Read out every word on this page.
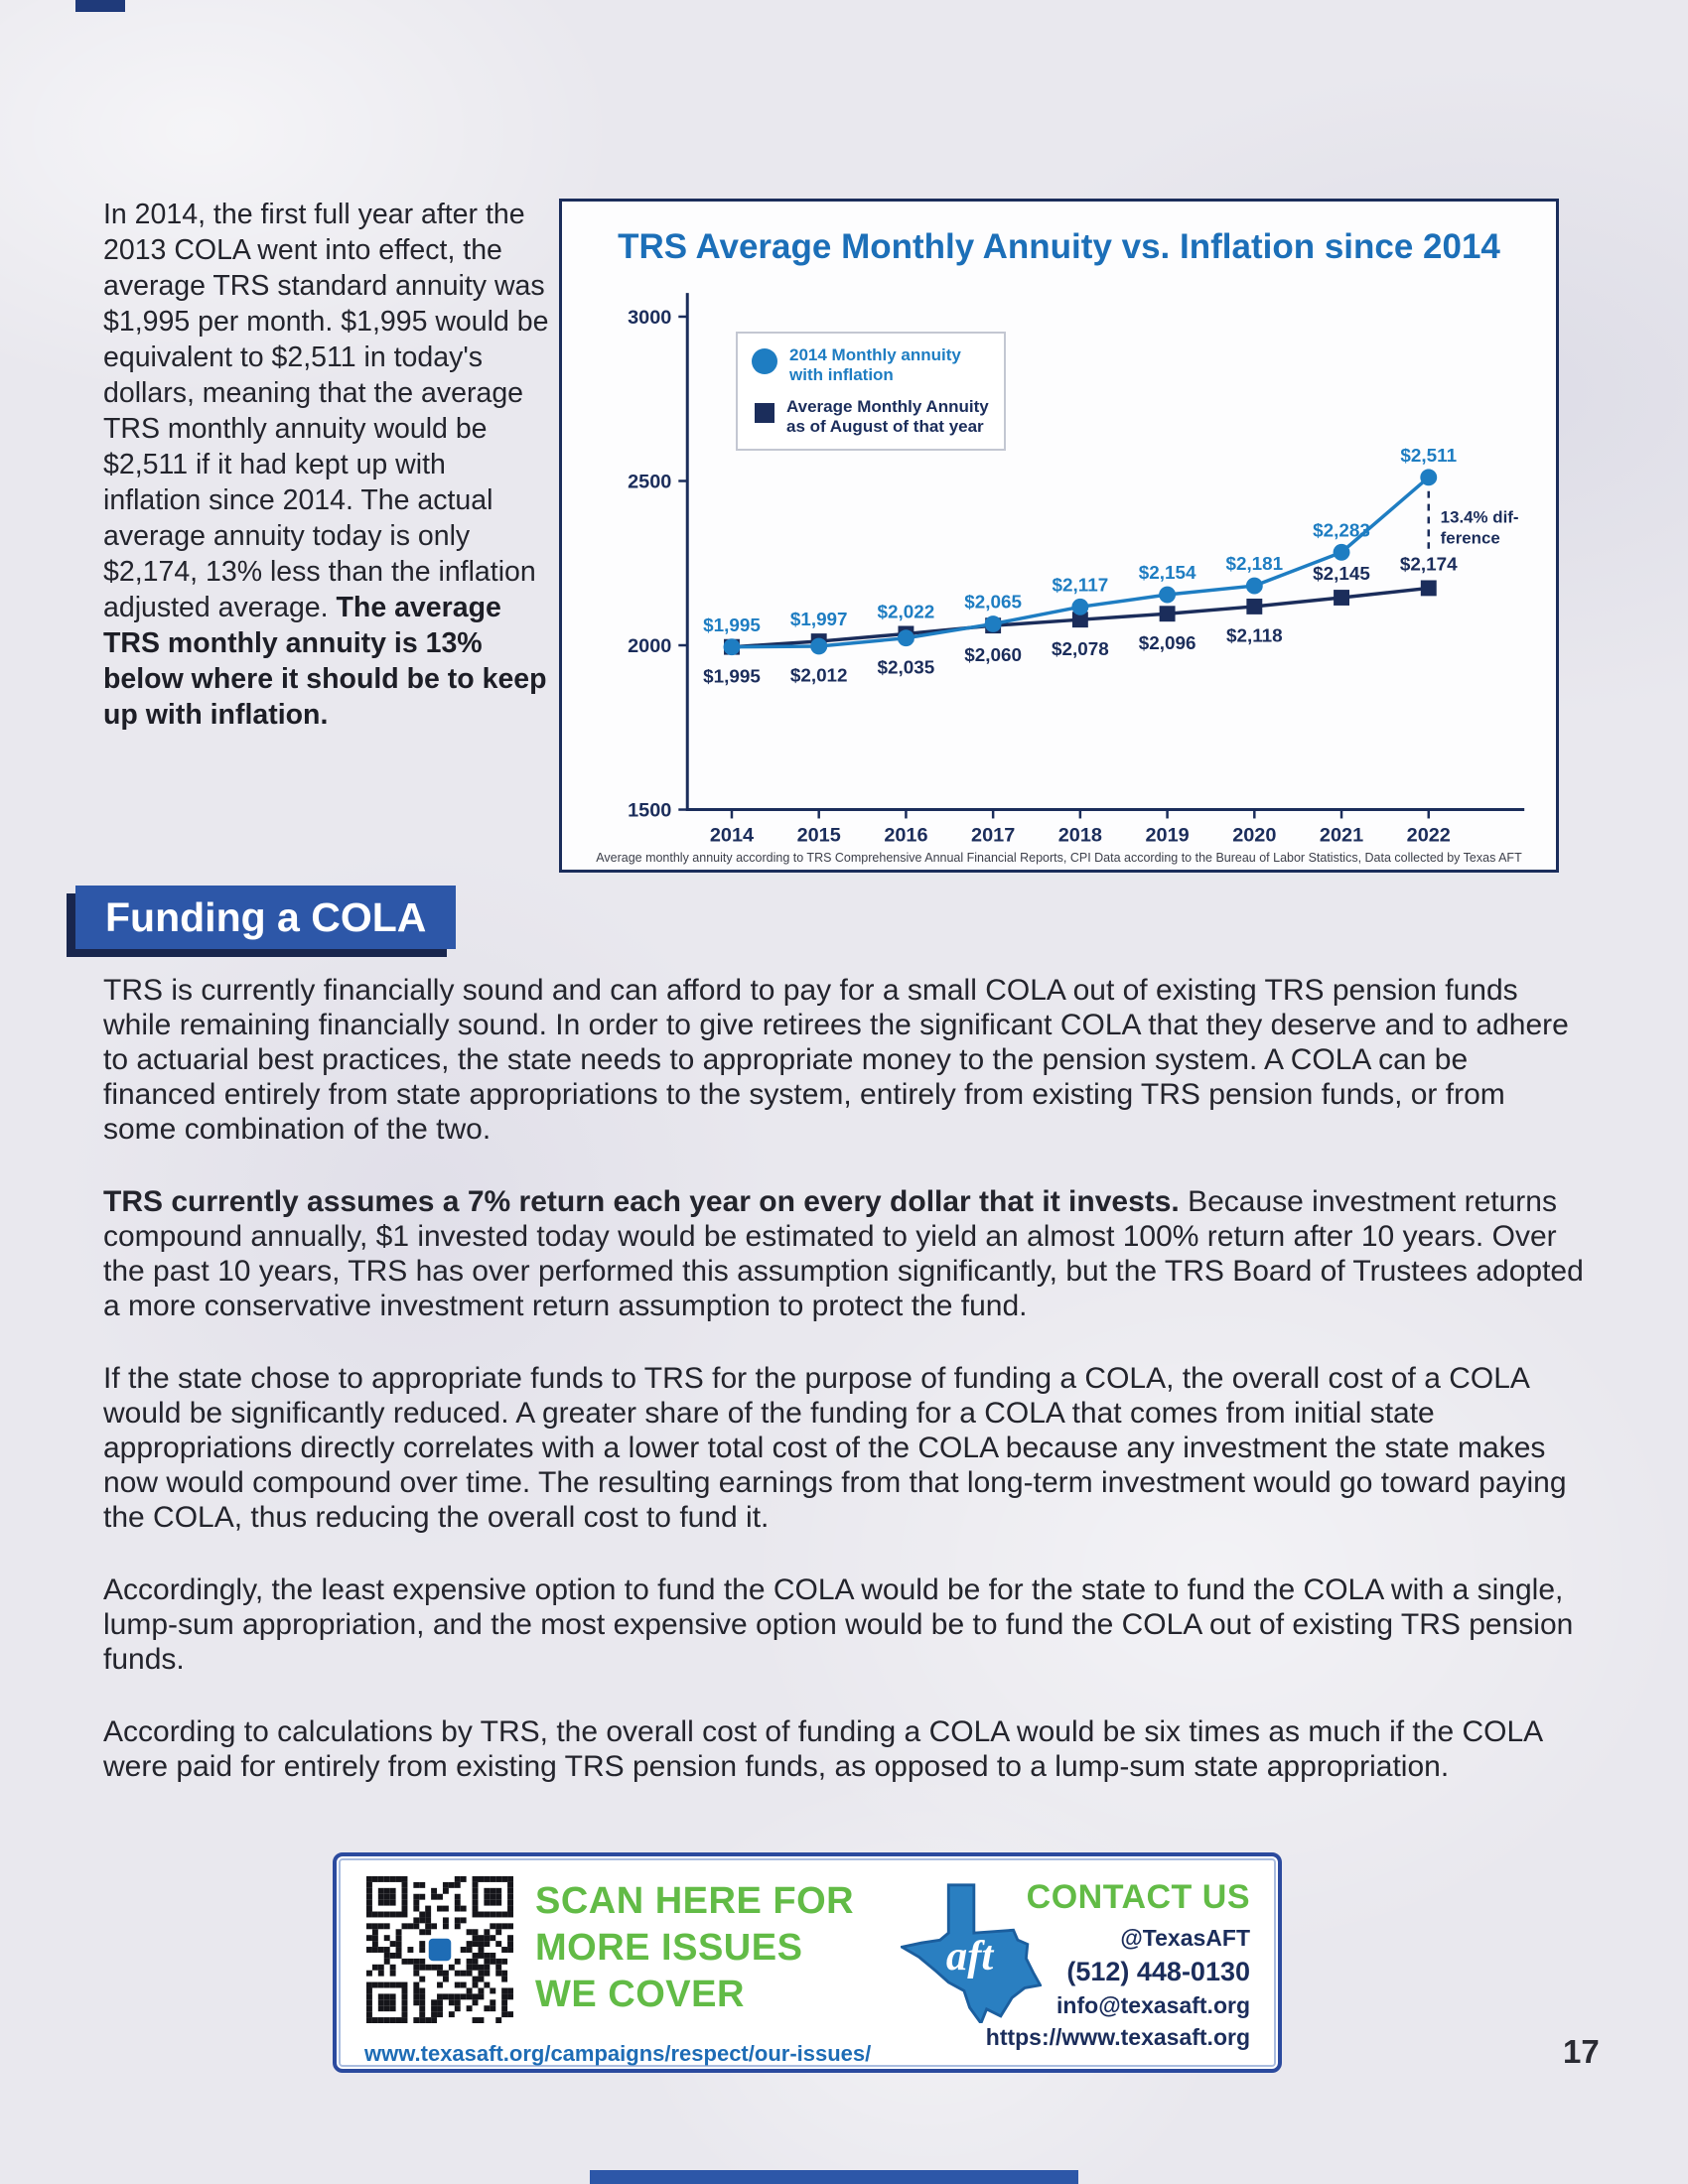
In 2014, the first full year after the 2013 COLA went into effect, the average TRS standard annuity was $1,995 per month. $1,995 would be equivalent to $2,511 in today's dollars, meaning that the average TRS monthly annuity would be $2,511 if it had kept up with inflation since 2014. The actual average annuity today is only $2,174, 13% less than the inflation adjusted average. The average TRS monthly annuity is 13% below where it should be to keep up with inflation.
TRS Average Monthly Annuity vs. Inflation since 2014
1500
2000
2500
3000
2014 2015 2016 2017 2018 2019 2020 2021 2022
13.4% dif-
ference
$1,995 $2,012 $2,035
$2,060 $2,078 $2,096 $2,118
$2,145 $2,174
$1,995 $1,997 $2,022 $2,065
$2,117
$2,154 $2,181
$2,283
$2,511
2014 Monthly annuity with inflation
Average Monthly Annuity as of August of that year
Average monthly annuity according to TRS Comprehensive Annual Financial Reports, CPI Data according to the Bureau of Labor Statistics, Data collected by Texas AFT
Funding a COLA

TRS is currently financially sound and can afford to pay for a small COLA out of existing TRS pension funds while remaining financially sound. In order to give retirees the significant COLA that they deserve and to adhere to actuarial best practices, the state needs to appropriate money to the pension system. A COLA can be financed entirely from state appropriations to the system, entirely from existing TRS pension funds, or from some combination of the two.

TRS currently assumes a 7% return each year on every dollar that it invests. Because investment returns compound annually, $1 invested today would be estimated to yield an almost 100% return after 10 years. Over the past 10 years, TRS has over performed this assumption significantly, but the TRS Board of Trustees adopted a more conservative investment return assumption to protect the fund.

If the state chose to appropriate funds to TRS for the purpose of funding a COLA, the overall cost of a COLA would be significantly reduced. A greater share of the funding for a COLA that comes from initial state appropriations directly correlates with a lower total cost of the COLA because any investment the state makes now would compound over time. The resulting earnings from that long-term investment would go toward paying the COLA, thus reducing the overall cost to fund it.

Accordingly, the least expensive option to fund the COLA would be for the state to fund the COLA with a single, lump-sum appropriation, and the most expensive option would be to fund the COLA out of existing TRS pension funds.

According to calculations by TRS, the overall cost of funding a COLA would be six times as much if the COLA were paid for entirely from existing TRS pension funds, as opposed to a lump-sum state appropriation.

SCAN HERE FOR
MORE ISSUES
WE COVER
www.texasaft.org/campaigns/respect/our-issues/
aft
CONTACT US
@TexasAFT
(512) 448-0130
info@texasaft.org
https://www.texasaft.org	17
